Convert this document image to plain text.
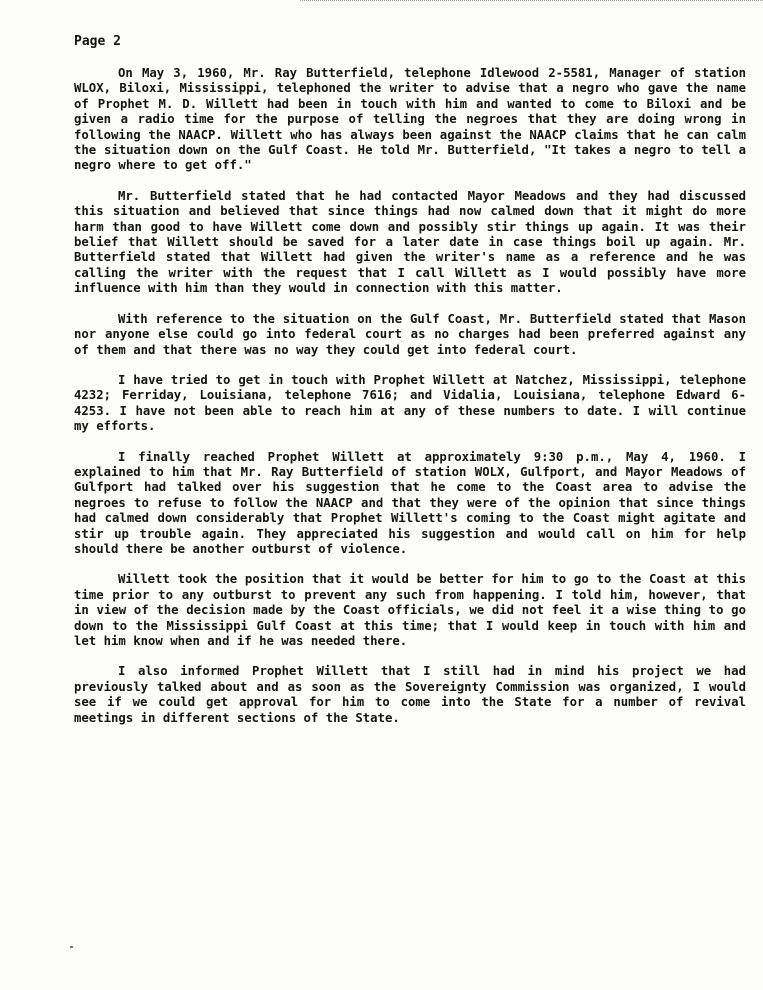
Page 2

On May 3, 1960, Mr. Ray Butterfield, telephone Idlewood 2-5581, Manager of station WLOX, Biloxi, Mississippi, telephoned the writer to advise that a negro who gave the name of Prophet M. D. Willett had been in touch with him and wanted to come to Biloxi and be given a radio time for the purpose of telling the negroes that they are doing wrong in following the NAACP. Willett who has always been against the NAACP claims that he can calm the situation down on the Gulf Coast. He told Mr. Butterfield, "It takes a negro to tell a negro where to get off."

Mr. Butterfield stated that he had contacted Mayor Meadows and they had discussed this situation and believed that since things had now calmed down that it might do more harm than good to have Willett come down and possibly stir things up again. It was their belief that Willett should be saved for a later date in case things boil up again. Mr. Butterfield stated that Willett had given the writer's name as a reference and he was calling the writer with the request that I call Willett as I would possibly have more influence with him than they would in connection with this matter.

With reference to the situation on the Gulf Coast, Mr. Butterfield stated that Mason nor anyone else could go into federal court as no charges had been preferred against any of them and that there was no way they could get into federal court.

I have tried to get in touch with Prophet Willett at Natchez, Mississippi, telephone 4232; Ferriday, Louisiana, telephone 7616; and Vidalia, Louisiana, telephone Edward 6-4253. I have not been able to reach him at any of these numbers to date. I will continue my efforts.

I finally reached Prophet Willett at approximately 9:30 p.m., May 4, 1960. I explained to him that Mr. Ray Butterfield of station WOLX, Gulfport, and Mayor Meadows of Gulfport had talked over his suggestion that he come to the Coast area to advise the negroes to refuse to follow the NAACP and that they were of the opinion that since things had calmed down considerably that Prophet Willett's coming to the Coast might agitate and stir up trouble again. They appreciated his suggestion and would call on him for help should there be another outburst of violence.

Willett took the position that it would be better for him to go to the Coast at this time prior to any outburst to prevent any such from happening. I told him, however, that in view of the decision made by the Coast officials, we did not feel it a wise thing to go down to the Mississippi Gulf Coast at this time; that I would keep in touch with him and let him know when and if he was needed there.

I also informed Prophet Willett that I still had in mind his project we had previously talked about and as soon as the Sovereignty Commission was organized, I would see if we could get approval for him to come into the State for a number of revival meetings in different sections of the State.
